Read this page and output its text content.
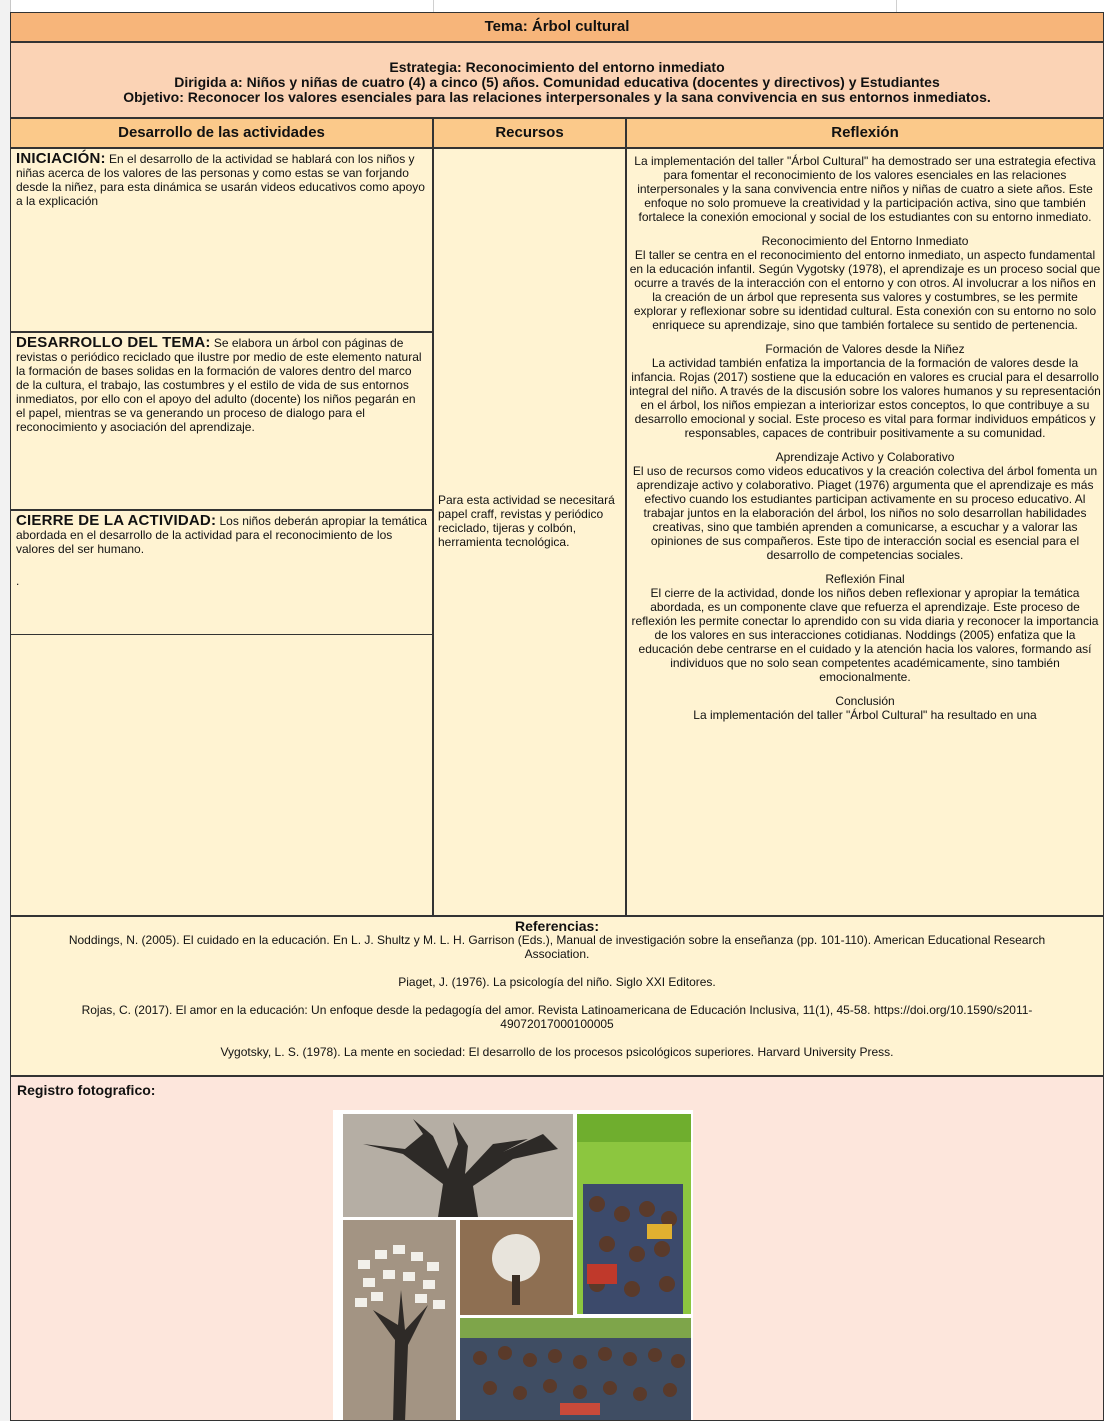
Tema: Árbol cultural
Estrategia: Reconocimiento del entorno inmediato
Dirigida a: Niños y niñas de cuatro (4) a cinco (5) años. Comunidad educativa (docentes y directivos) y Estudiantes
Objetivo: Reconocer los valores esenciales para las relaciones interpersonales y la sana convivencia en sus entornos inmediatos.
Desarrollo de las actividades	Recursos	Reflexión
INICIACIÓN: En el desarrollo de la actividad se hablará con los niños y niñas acerca de los valores de las personas y como estas se van forjando desde la niñez, para esta dinámica se usarán videos educativos como apoyo a la explicación
DESARROLLO DEL TEMA: Se elabora un árbol con páginas de revistas o periódico reciclado que ilustre por medio de este elemento natural la formación de bases solidas en la formación de valores dentro del marco de la cultura, el trabajo, las costumbres y el estilo de vida de sus entornos inmediatos, por ello con el apoyo del adulto (docente) los niños pegarán en el papel, mientras se va generando un proceso de dialogo para el reconocimiento y asociación del aprendizaje.
CIERRE DE LA ACTIVIDAD: Los niños deberán apropiar la temática abordada en el desarrollo de la actividad para el reconocimiento de los valores del ser humano.
.
Para esta actividad se necesitará papel craff, revistas y periódico reciclado, tijeras y colbón, herramienta tecnológica.

La implementación del taller "Árbol Cultural" ha demostrado ser una estrategia efectiva para fomentar el reconocimiento de los valores esenciales en las relaciones interpersonales y la sana convivencia entre niños y niñas de cuatro a siete años. Este enfoque no solo promueve la creatividad y la participación activa, sino que también fortalece la conexión emocional y social de los estudiantes con su entorno inmediato.

Reconocimiento del Entorno Inmediato
El taller se centra en el reconocimiento del entorno inmediato, un aspecto fundamental en la educación infantil. Según Vygotsky (1978), el aprendizaje es un proceso social que ocurre a través de la interacción con el entorno y con otros. Al involucrar a los niños en la creación de un árbol que representa sus valores y costumbres, se les permite explorar y reflexionar sobre su identidad cultural. Esta conexión con su entorno no solo enriquece su aprendizaje, sino que también fortalece su sentido de pertenencia.

Formación de Valores desde la Niñez
La actividad también enfatiza la importancia de la formación de valores desde la infancia. Rojas (2017) sostiene que la educación en valores es crucial para el desarrollo integral del niño. A través de la discusión sobre los valores humanos y su representación en el árbol, los niños empiezan a interiorizar estos conceptos, lo que contribuye a su desarrollo emocional y social. Este proceso es vital para formar individuos empáticos y responsables, capaces de contribuir positivamente a su comunidad.

Aprendizaje Activo y Colaborativo
El uso de recursos como videos educativos y la creación colectiva del árbol fomenta un aprendizaje activo y colaborativo. Piaget (1976) argumenta que el aprendizaje es más efectivo cuando los estudiantes participan activamente en su proceso educativo. Al trabajar juntos en la elaboración del árbol, los niños no solo desarrollan habilidades creativas, sino que también aprenden a comunicarse, a escuchar y a valorar las opiniones de sus compañeros. Este tipo de interacción social es esencial para el desarrollo de competencias sociales.

Reflexión Final
El cierre de la actividad, donde los niños deben reflexionar y apropiar la temática abordada, es un componente clave que refuerza el aprendizaje. Este proceso de reflexión les permite conectar lo aprendido con su vida diaria y reconocer la importancia de los valores en sus interacciones cotidianas. Noddings (2005) enfatiza que la educación debe centrarse en el cuidado y la atención hacia los valores, formando así individuos que no solo sean competentes académicamente, sino también emocionalmente.

Conclusión
La implementación del taller "Árbol Cultural" ha resultado en una

Referencias:

Noddings, N. (2005). El cuidado en la educación. En L. J. Shultz y M. L. H. Garrison (Eds.), Manual de investigación sobre la enseñanza (pp. 101-110). American Educational Research Association.

Piaget, J. (1976). La psicología del niño. Siglo XXI Editores.

Rojas, C. (2017). El amor en la educación: Un enfoque desde la pedagogía del amor. Revista Latinoamericana de Educación Inclusiva, 11(1), 45-58. https://doi.org/10.1590/s2011-49072017000100005

Vygotsky, L. S. (1978). La mente en sociedad: El desarrollo de los procesos psicológicos superiores. Harvard University Press.

Registro fotografico:
